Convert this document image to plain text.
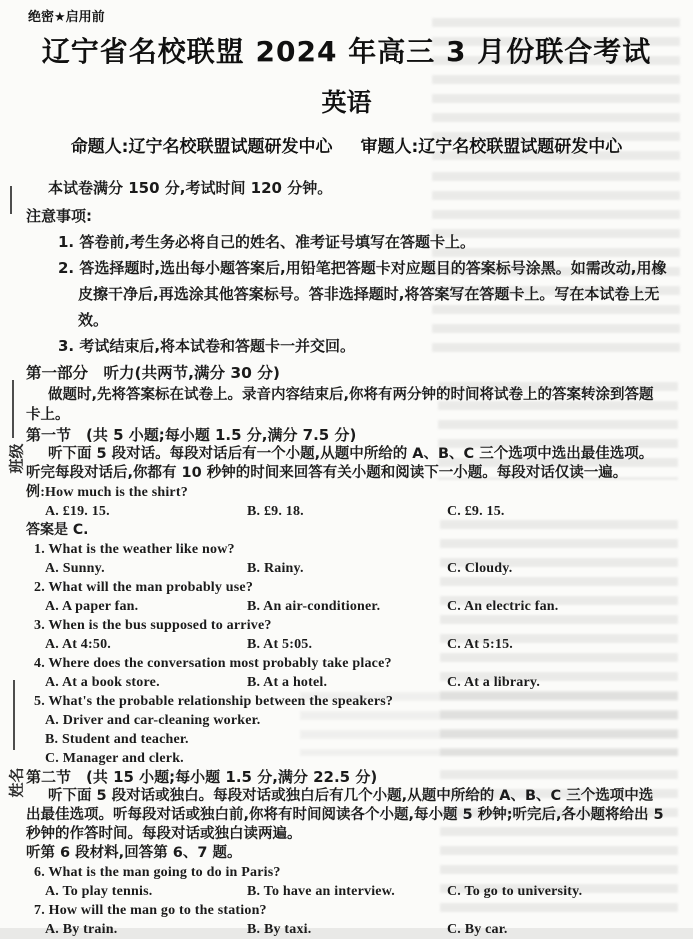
班级
姓名
绝密★启用前
辽宁省名校联盟 2024 年高三 3 月份联合考试
英语
命题人:辽宁名校联盟试题研发中心 审题人:辽宁名校联盟试题研发中心
本试卷满分 150 分,考试时间 120 分钟。
注意事项:
1. 答卷前,考生务必将自己的姓名、准考证号填写在答题卡上。
2. 答选择题时,选出每小题答案后,用铅笔把答题卡对应题目的答案标号涂黑。如需改动,用橡皮擦干净后,再选涂其他答案标号。答非选择题时,将答案写在答题卡上。写在本试卷上无效。
3. 考试结束后,将本试卷和答题卡一并交回。
第一部分　听力(共两节,满分 30 分)
做题时,先将答案标在试卷上。录音内容结束后,你将有两分钟的时间将试卷上的答案转涂到答题卡上。
第一节　(共 5 小题;每小题 1.5 分,满分 7.5 分)
听下面 5 段对话。每段对话后有一个小题,从题中所给的 A、B、C 三个选项中选出最佳选项。听完每段对话后,你都有 10 秒钟的时间来回答有关小题和阅读下一小题。每段对话仅读一遍。
例:How much is the shirt?
A. £19. 15.	B. £9. 18.	C. £9. 15.
答案是 C.
1. What is the weather like now?
A. Sunny.	B. Rainy.	C. Cloudy.
2. What will the man probably use?
A. A paper fan.	B. An air-conditioner.	C. An electric fan.
3. When is the bus supposed to arrive?
A. At 4:50.	B. At 5:05.	C. At 5:15.
4. Where does the conversation most probably take place?
A. At a book store.	B. At a hotel.	C. At a library.
5. What's the probable relationship between the speakers?
A. Driver and car-cleaning worker.
B. Student and teacher.
C. Manager and clerk.
第二节　(共 15 小题;每小题 1.5 分,满分 22.5 分)
听下面 5 段对话或独白。每段对话或独白后有几个小题,从题中所给的 A、B、C 三个选项中选出最佳选项。听每段对话或独白前,你将有时间阅读各个小题,每小题 5 秒钟;听完后,各小题将给出 5 秒钟的作答时间。每段对话或独白读两遍。
听第 6 段材料,回答第 6、7 题。
6. What is the man going to do in Paris?
A. To play tennis.	B. To have an interview.	C. To go to university.
7. How will the man go to the station?
A. By train.	B. By taxi.	C. By car.
